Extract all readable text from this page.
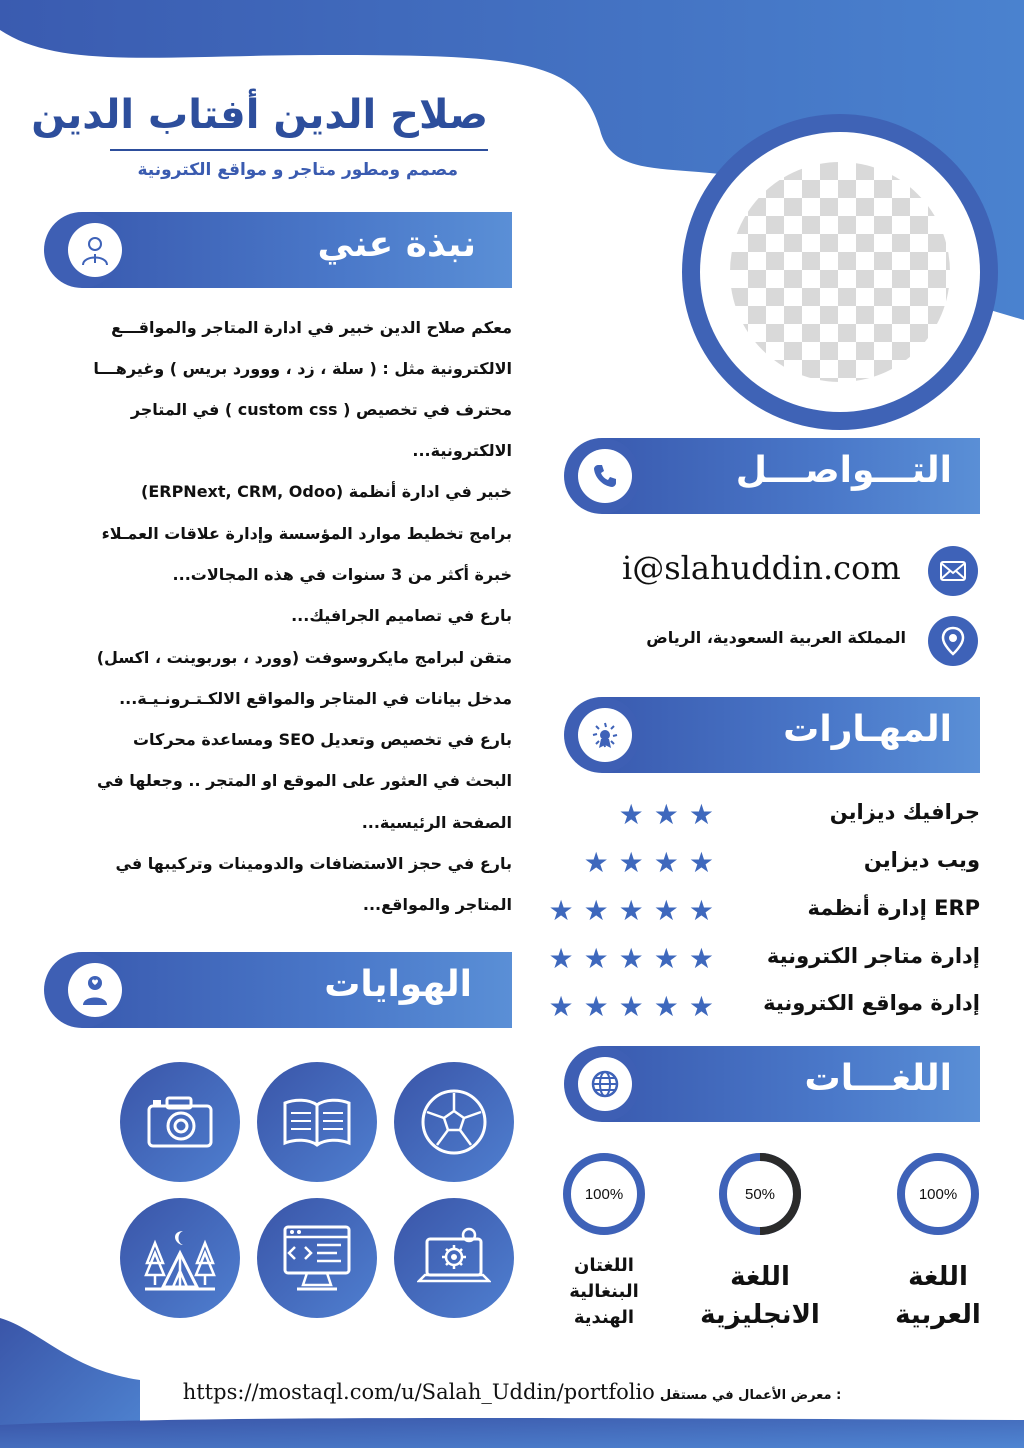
صلاح الدين أفتاب الدين
مصمم ومطور متاجر و مواقع الكترونية
نبذة عني
معكم صلاح الدين خبير في ادارة المتاجر والمواقـــع
الالكترونية مثل : ( سلة ، زد ، ووورد بريس ) وغيرهـــا
محترف في تخصيص ( custom css ) في المتاجر
الالكترونية...
خبير في ادارة أنظمة (ERPNext, CRM, Odoo)
برامج تخطيط موارد المؤسسة وإدارة علاقات العمـلاء
خبرة أكثر من 3 سنوات في هذه المجالات...
بارع في تصاميم الجرافيك...
متقن لبرامج مايكروسوفت (وورد ، بوربوينت ، اكسل)
مدخل بيانات في المتاجر والمواقع الالكـتـرونـيـة...
بارع في تخصيص وتعديل SEO ومساعدة محركات
البحث في العثور على الموقع او المتجر .. وجعلها في
الصفحة الرئيسية...
بارع في حجز الاستضافات والدومينات وتركيبها في
المتاجر والمواقع...
التـــواصـــل
i@slahuddin.com
المملكة العربية السعودية، الرياض
المهـارات
جرافيك ديزاين
★
★
★
ويب ديزاين
★
★
★
★
إدارة أنظمة ERP
★
★
★
★
★
إدارة متاجر الكترونية
★
★
★
★
★
إدارة مواقع الكترونية
★
★
★
★
★
الهوايات
اللغـــات
100%	50%	100%
اللغة
العربية
اللغة
الانجليزية
اللغتان
البنغالية
الهندية
https://mostaql.com/u/Salah_Uddin/portfolio معرض الأعمال في مستقل :
